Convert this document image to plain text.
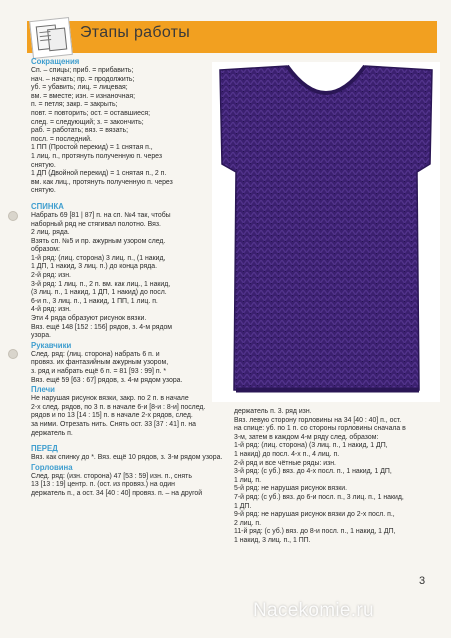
Этапы работы
Сокращения
Сп. – спицы; приб. = прибавить;
нач. – начать; пр. = продолжить;
уб. = убавить; лиц. = лицевая;
вм. = вместе; изн. = изнаночная;
п. = петля; закр. = закрыть;
повт. = повторить; ост. = оставшиеся;
след. = следующий; з. = закончить;
раб. = работать; вяз. = вязать;
посл. = последний.
1 ПП (Простой перекид) = 1 снятая п.,
1 лиц. п., протянуть полученную п. через
снятую.
1 ДП (Двойной перекид) = 1 снятая п., 2 п.
вм. как лиц., протянуть полученную п. через
снятую.
СПИНКА
Набрать 69 [81 | 87] п. на сп. №4 так, чтобы
наборный ряд не стягивал полотно. Вяз.
2 лиц. ряда.
Взять сп. №5 и пр. ажурным узором след.
образом:
1-й ряд: (лиц. сторона) 3 лиц. п., (1 накид,
1 ДП, 1 накид, 3 лиц. п.) до конца ряда.
2-й ряд: изн.
3-й ряд: 1 лиц. п., 2 п. вм. как лиц., 1 накид,
(3 лиц. п., 1 накид, 1 ДП, 1 накид) до посл.
6-и п., 3 лиц. п., 1 накид, 1 ПП, 1 лиц. п.
4-й ряд: изн.
Эти 4 ряда образуют рисунок вязки.
Вяз. ещё 148 [152 : 156] рядов, з. 4-м рядом
узора.
Рукавчики
След. ряд: (лиц. сторона) набрать 6 п. и
провяз. их фантазийным ажурным узором,
з. ряд и набрать ещё 6 п. = 81 [93 : 99] п. *
Вяз. ещё 59 [63 : 67] рядов, з. 4-м рядом узора.
Плечи
Не нарушая рисунок вязки, закр. по 2 п. в начале
2-х след. рядов, по 3 п. в начале 6-и [8-и : 8-и] послед.
рядов и по 13 [14 : 15] п. в начале 2-х рядов, след.
за ними. Отрезать нить. Снять ост. 33 [37 : 41] п. на
держатель п.
ПЕРЕД
Вяз. как спинку до *. Вяз. ещё 10 рядов, з. 3-м рядом узора.
Горловина
След. ряд: (изн. сторона) 47 [53 : 59] изн. п., снять
13 [13 : 19] центр. п. (ост. из провяз.) на один
держатель п., а ост. 34 [40 : 40] провяз. п. – на другой
держатель п. 3. ряд изн.
Вяз. левую сторону горловины на 34 [40 : 40] п., ост.
на спице: уб. по 1 п. со стороны горловины сначала в
3-м, затем в каждом 4-м ряду след. образом:
1-й ряд: (лиц. сторона) (3 лиц. п., 1 накид, 1 ДП,
1 накид) до посл. 4-х п., 4 лиц. п.
2-й ряд и все чётные ряды: изн.
3-й ряд: (с уб.) вяз. до 4-х посл. п., 1 накид, 1 ДП,
1 лиц. п.
5-й ряд: не нарушая рисунок вязки.
7-й ряд: (с уб.) вяз. до 6-и посл. п., 3 лиц. п., 1 накид,
1 ДП.
9-й ряд: не нарушая рисунок вязки до 2-х посл. п.,
2 лиц. п.
11-й ряд: (с уб.) вяз. до 8-и посл. п., 1 накид, 1 ДП,
1 накид, 3 лиц. п., 1 ПП.
3
Nacekomie.ru
